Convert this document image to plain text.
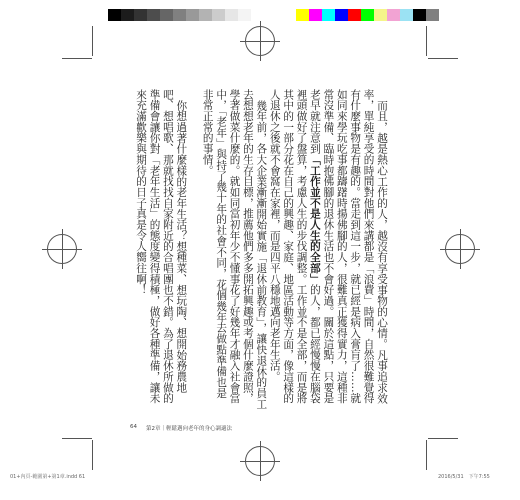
而且，越是熱心工作的人，越沒有享受事物的心情。凡事追求效率，單純享受的時間對他們來講都是「浪費」時間，自然很難覺得有什麼事物是有趣的。當走到這一步，就已經是病入膏肓了……就如同來學玩吃事都躊躇時揚佛腳的人，很難真正獲得實力，這種非常沒準備、臨時抱佛腳的退休生活也不會好過。關於這點，只要是老早就注意到「工作並不是人生的全部」的人，都已經慢慢在腦袋裡頭做好了盤算，考慮人生的步伐調整。工作並不是全部，而是將其中的一部分花在自己的興趣、家庭、地區活動等方面，像這樣的人退休之後就不會窩在家裡，而是四平八穩地邁向老年生活。

幾年前，各大企業漸漸開始實施「退休前教育」，讓快退休的員工去想想老年的生存目標，推薦他們多多開拓興趣或考個什麼證照，學著做菜什麼的。就如同當初年少不懂事花了好幾年才融入社會當中，「老年」與持了幾十年的社會不同，花個幾年去做點準備也是非常正常的事情。

你想過著什麼樣的老年生活？想種菜、想玩陶、想開始務農地吧、想唱歌、那就找找自家附近的合唱團也不錯。為了退休所做的準備會讓你對「老年生活」的態度變得積極，做好各種準備，讓未來充滿歡樂與期待的日子真是令人嚮往啊！

64 第2章｜輕鬆邁向老年的身心調適法
01+內頁-範圍第+第1章.indd 61	2016/5/31　下午7:55
